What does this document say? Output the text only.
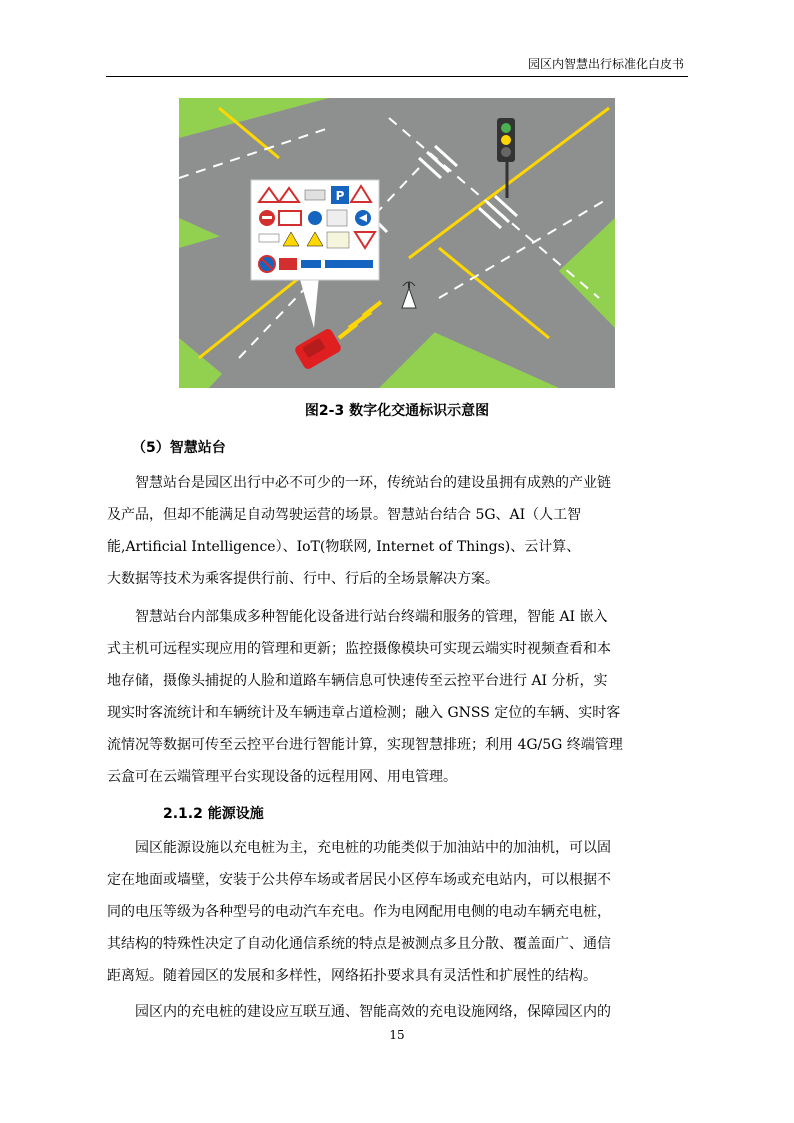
园区内智慧出行标准化白皮书
P
图2-3 数字化交通标识示意图
（5）智慧站台
智慧站台是园区出行中必不可少的一环，传统站台的建设虽拥有成熟的产业链
及产品，但却不能满足自动驾驶运营的场景。智慧站台结合 5G、AI（人工智
能,Artificial Intelligence）、IoT(物联网, Internet of Things)、云计算、
大数据等技术为乘客提供行前、行中、行后的全场景解决方案。
智慧站台内部集成多种智能化设备进行站台终端和服务的管理，智能 AI 嵌入
式主机可远程实现应用的管理和更新；监控摄像模块可实现云端实时视频查看和本
地存储，摄像头捕捉的人脸和道路车辆信息可快速传至云控平台进行 AI 分析，实
现实时客流统计和车辆统计及车辆违章占道检测；融入 GNSS 定位的车辆、实时客
流情况等数据可传至云控平台进行智能计算，实现智慧排班；利用 4G/5G 终端管理
云盒可在云端管理平台实现设备的远程用网、用电管理。
2.1.2 能源设施
园区能源设施以充电桩为主，充电桩的功能类似于加油站中的加油机，可以固
定在地面或墙壁，安装于公共停车场或者居民小区停车场或充电站内，可以根据不
同的电压等级为各种型号的电动汽车充电。作为电网配用电侧的电动车辆充电桩，
其结构的特殊性决定了自动化通信系统的特点是被测点多且分散、覆盖面广、通信
距离短。随着园区的发展和多样性，网络拓扑要求具有灵活性和扩展性的结构。
园区内的充电桩的建设应互联互通、智能高效的充电设施网络，保障园区内的
15
